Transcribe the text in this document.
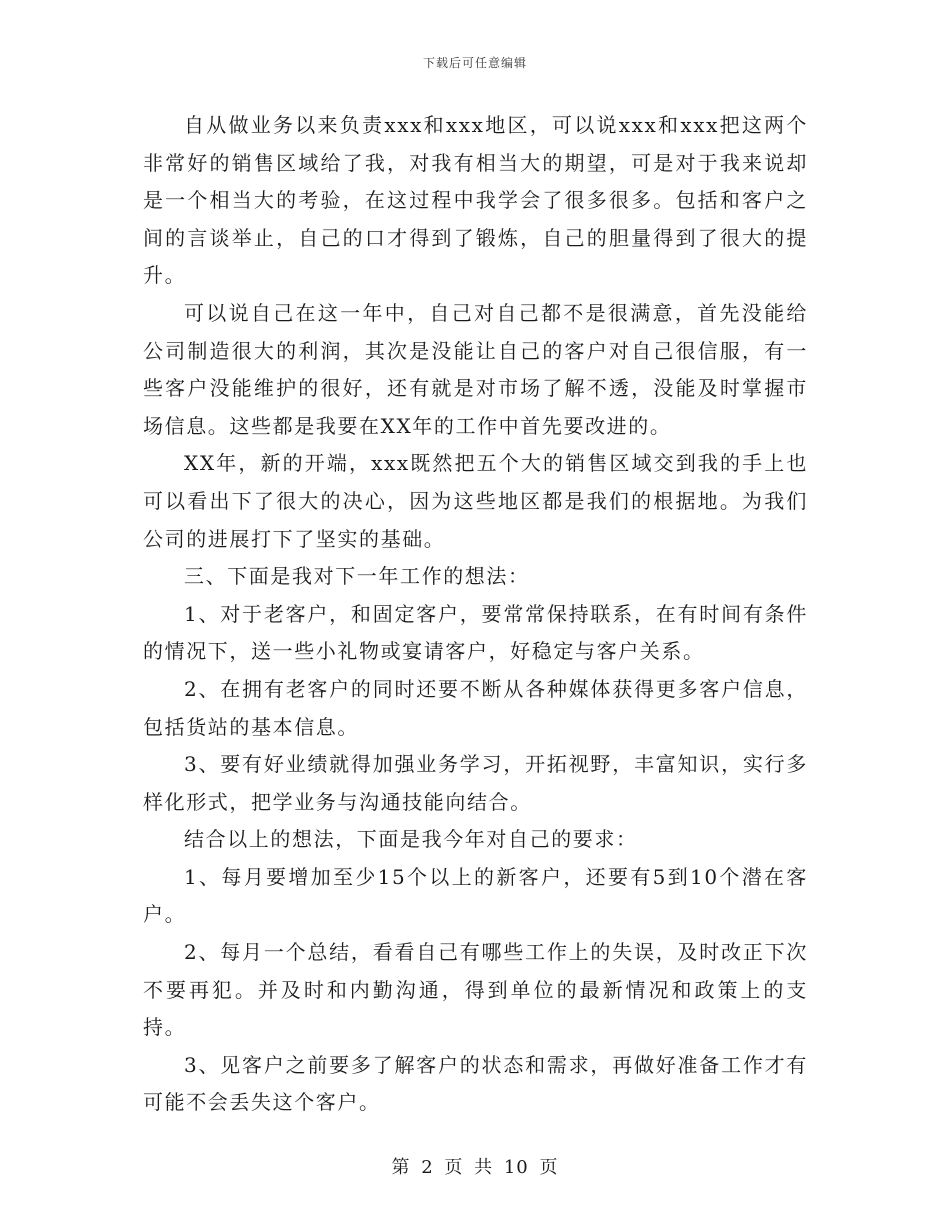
下载后可任意编辑

自从做业务以来负责xxx和xxx地区，可以说xxx和xxx把这两个非常好的销售区域给了我，对我有相当大的期望，可是对于我来说却是一个相当大的考验，在这过程中我学会了很多很多。包括和客户之间的言谈举止，自己的口才得到了锻炼，自己的胆量得到了很大的提升。

可以说自己在这一年中，自己对自己都不是很满意，首先没能给公司制造很大的利润，其次是没能让自己的客户对自己很信服，有一些客户没能维护的很好，还有就是对市场了解不透，没能及时掌握市场信息。这些都是我要在XX年的工作中首先要改进的。

XX年，新的开端，xxx既然把五个大的销售区域交到我的手上也可以看出下了很大的决心，因为这些地区都是我们的根据地。为我们公司的进展打下了坚实的基础。

三、下面是我对下一年工作的想法：

1、对于老客户，和固定客户，要常常保持联系，在有时间有条件的情况下，送一些小礼物或宴请客户，好稳定与客户关系。

2、在拥有老客户的同时还要不断从各种媒体获得更多客户信息，包括货站的基本信息。

3、要有好业绩就得加强业务学习，开拓视野，丰富知识，实行多样化形式，把学业务与沟通技能向结合。

结合以上的想法，下面是我今年对自己的要求：

1、每月要增加至少15个以上的新客户，还要有5到10个潜在客户。

2、每月一个总结，看看自己有哪些工作上的失误，及时改正下次不要再犯。并及时和内勤沟通，得到单位的最新情况和政策上的支持。

3、见客户之前要多了解客户的状态和需求，再做好准备工作才有可能不会丢失这个客户。

第 2 页 共 10 页
